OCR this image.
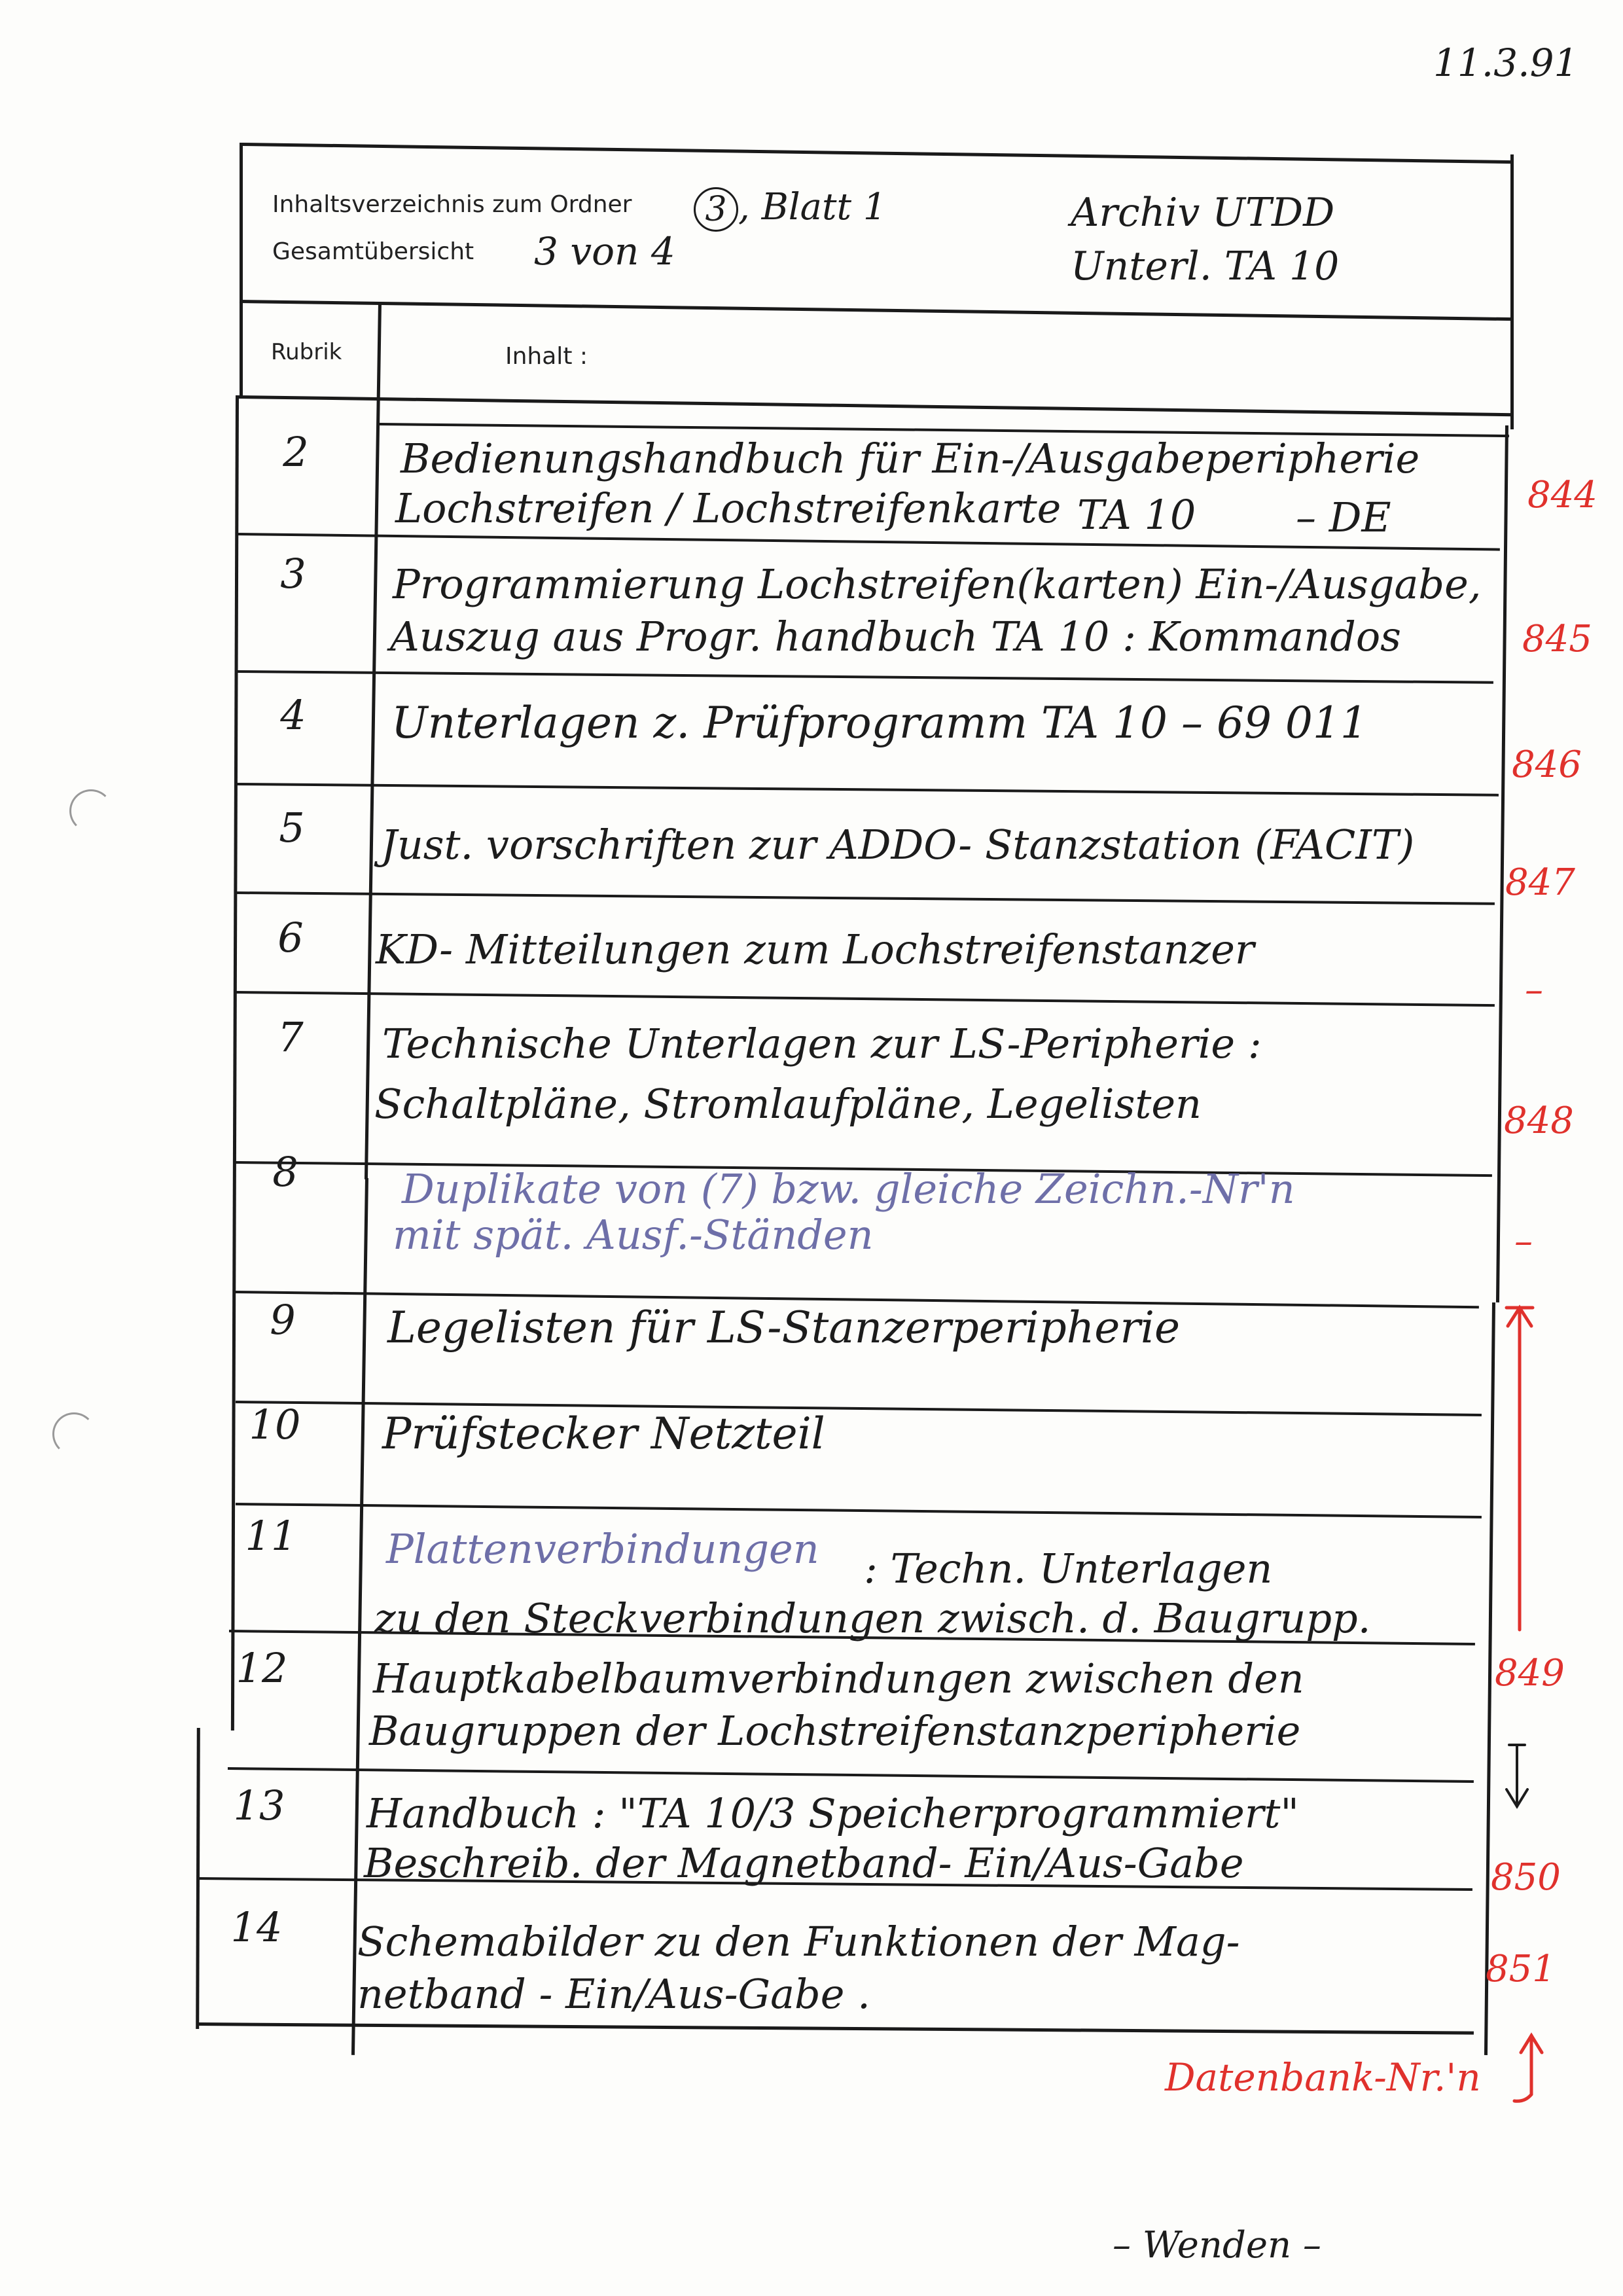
11.3.91
Inhaltsverzeichnis zum Ordner	3 , Blatt 1
Gesamtübersicht 3 von 4
Archiv UTDD
Unterl. TA 10
Rubrik	Inhalt :
2	Bedienungshandbuch für Ein-/Ausgabeperipherie
Lochstreifen / Lochstreifenkarte TA 10 – DE	844
3	Programmierung Lochstreifen(karten) Ein-/Ausgabe,
Auszug aus Progr. handbuch TA 10 : Kommandos	845
4	Unterlagen z. Prüfprogramm TA 10 – 69 011
846
5	Just. vorschriften zur ADDO- Stanzstation (FACIT)
847
6	KD- Mitteilungen zum Lochstreifenstanzer
–
7	Technische Unterlagen zur LS-Peripherie :
Schaltpläne, Stromlaufpläne, Legelisten	848
8	Duplikate von (7) bzw. gleiche Zeichn.-Nr'n
mit spät. Ausf.-Ständen	–
9	Legelisten für LS-Stanzerperipherie
10	Prüfstecker Netzteil
11	Plattenverbindungen : Techn. Unterlagen
zu den Steckverbindungen zwisch. d. Baugrupp.
12	Hauptkabelbaumverbindungen zwischen den
Baugruppen der Lochstreifenstanzperipherie
849
13	Handbuch : "TA 10/3 Speicherprogrammiert"
Beschreib. der Magnetband- Ein/Aus-Gabe	850
14	Schemabilder zu den Funktionen der Mag-
netband - Ein/Aus-Gabe .
851
Datenbank-Nr.'n
– Wenden –
